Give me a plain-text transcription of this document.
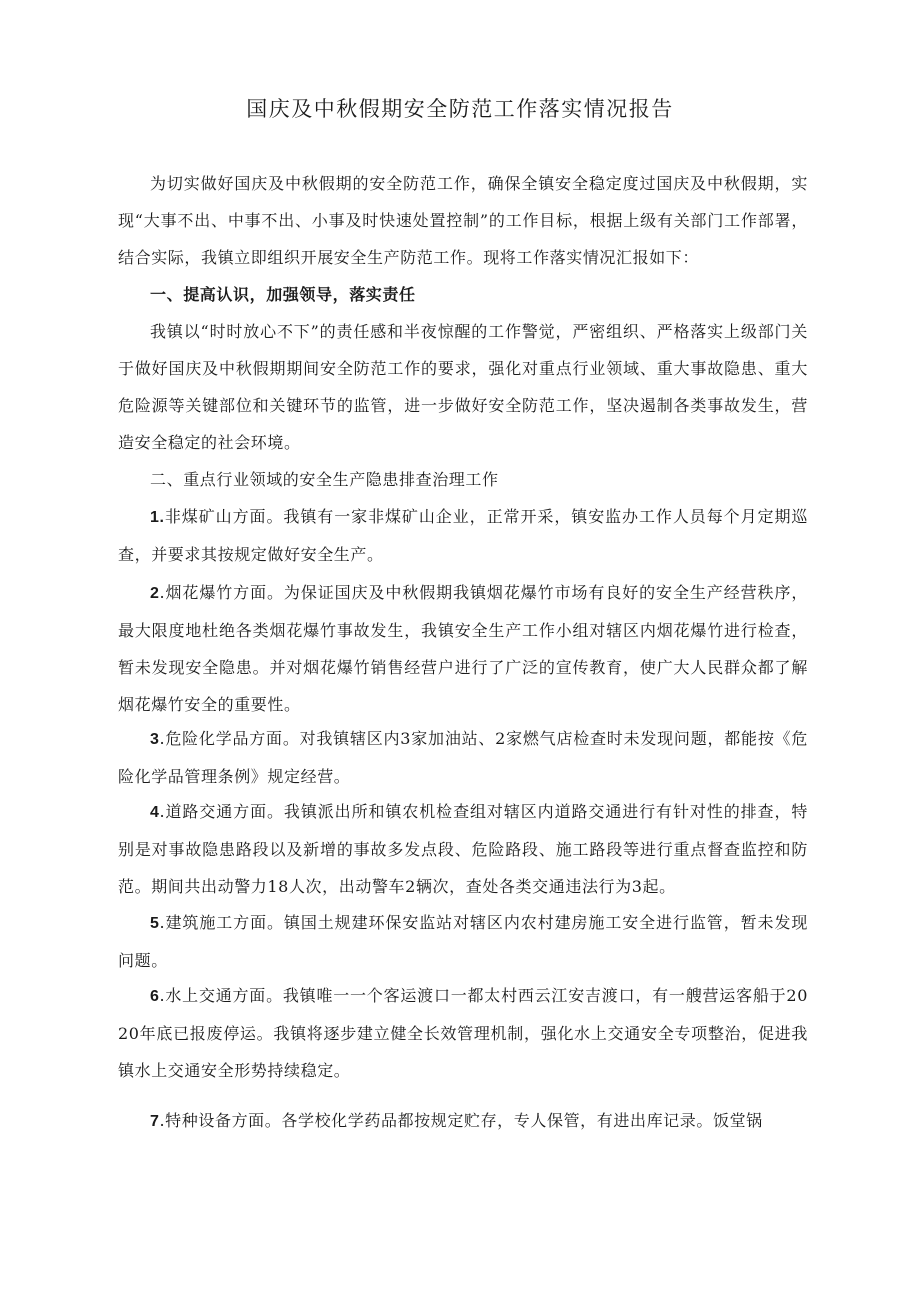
国庆及中秋假期安全防范工作落实情况报告

为切实做好国庆及中秋假期的安全防范工作，确保全镇安全稳定度过国庆及中秋假期，实现“大事不出、中事不出、小事及时快速处置控制”的工作目标，根据上级有关部门工作部署，结合实际，我镇立即组织开展安全生产防范工作。现将工作落实情况汇报如下：

一、提高认识，加强领导，落实责任

我镇以“时时放心不下”的责任感和半夜惊醒的工作警觉，严密组织、严格落实上级部门关于做好国庆及中秋假期期间安全防范工作的要求，强化对重点行业领域、重大事故隐患、重大危险源等关键部位和关键环节的监管，进一步做好安全防范工作，坚决遏制各类事故发生，营造安全稳定的社会环境。

二、重点行业领域的安全生产隐患排查治理工作

1.非煤矿山方面。我镇有一家非煤矿山企业，正常开采，镇安监办工作人员每个月定期巡查，并要求其按规定做好安全生产。

2.烟花爆竹方面。为保证国庆及中秋假期我镇烟花爆竹市场有良好的安全生产经营秩序，最大限度地杜绝各类烟花爆竹事故发生，我镇安全生产工作小组对辖区内烟花爆竹进行检查，暂未发现安全隐患。并对烟花爆竹销售经营户进行了广泛的宣传教育，使广大人民群众都了解烟花爆竹安全的重要性。

3.危险化学品方面。对我镇辖区内3家加油站、2家燃气店检查时未发现问题，都能按《危险化学品管理条例》规定经营。

4.道路交通方面。我镇派出所和镇农机检查组对辖区内道路交通进行有针对性的排查，特别是对事故隐患路段以及新增的事故多发点段、危险路段、施工路段等进行重点督查监控和防范。期间共出动警力18人次，出动警车2辆次，查处各类交通违法行为3起。

5.建筑施工方面。镇国土规建环保安监站对辖区内农村建房施工安全进行监管，暂未发现问题。

6.水上交通方面。我镇唯一一个客运渡口一都太村西云江安吉渡口，有一艘营运客船于2020年底已报废停运。我镇将逐步建立健全长效管理机制，强化水上交通安全专项整治，促进我镇水上交通安全形势持续稳定。

7.特种设备方面。各学校化学药品都按规定贮存，专人保管，有进出库记录。饭堂锅
